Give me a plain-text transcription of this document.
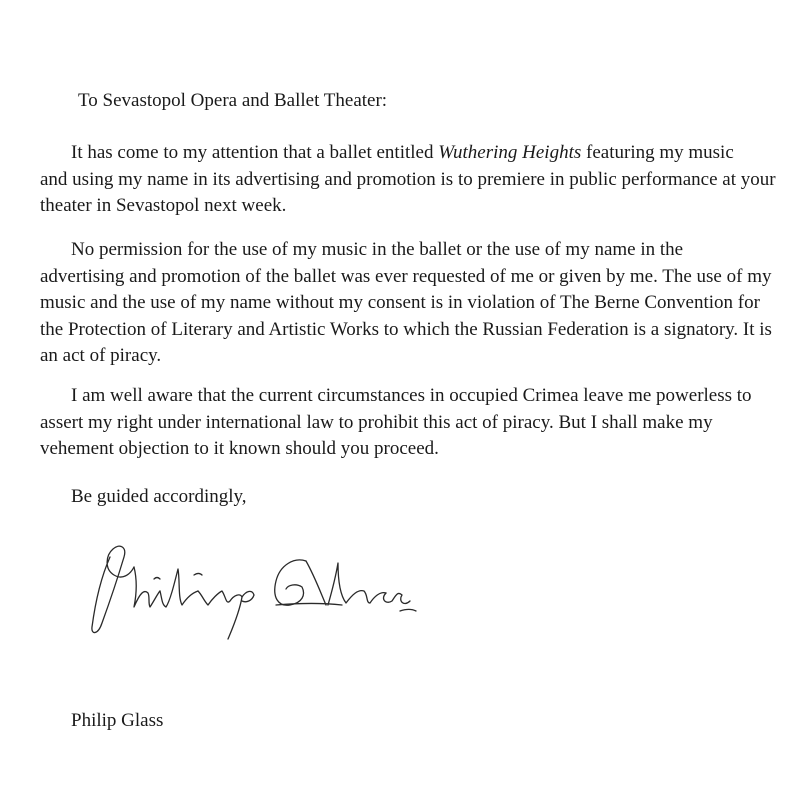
To Sevastopol Opera and Ballet Theater:
It has come to my attention that a ballet entitled Wuthering Heights featuring my music
and using my name in its advertising and promotion is to premiere in public performance at your
theater in Sevastopol next week.
No permission for the use of my music in the ballet or the use of my name in the
advertising and promotion of the ballet was ever requested of me or given by me. The use of my
music and the use of my name without my consent is in violation of The Berne Convention for
the Protection of Literary and Artistic Works to which the Russian Federation is a signatory. It is
an act of piracy.
I am well aware that the current circumstances in occupied Crimea leave me powerless to
assert my right under international law to prohibit this act of piracy. But I shall make my
vehement objection to it known should you proceed.
Be guided accordingly,
Philip Glass
